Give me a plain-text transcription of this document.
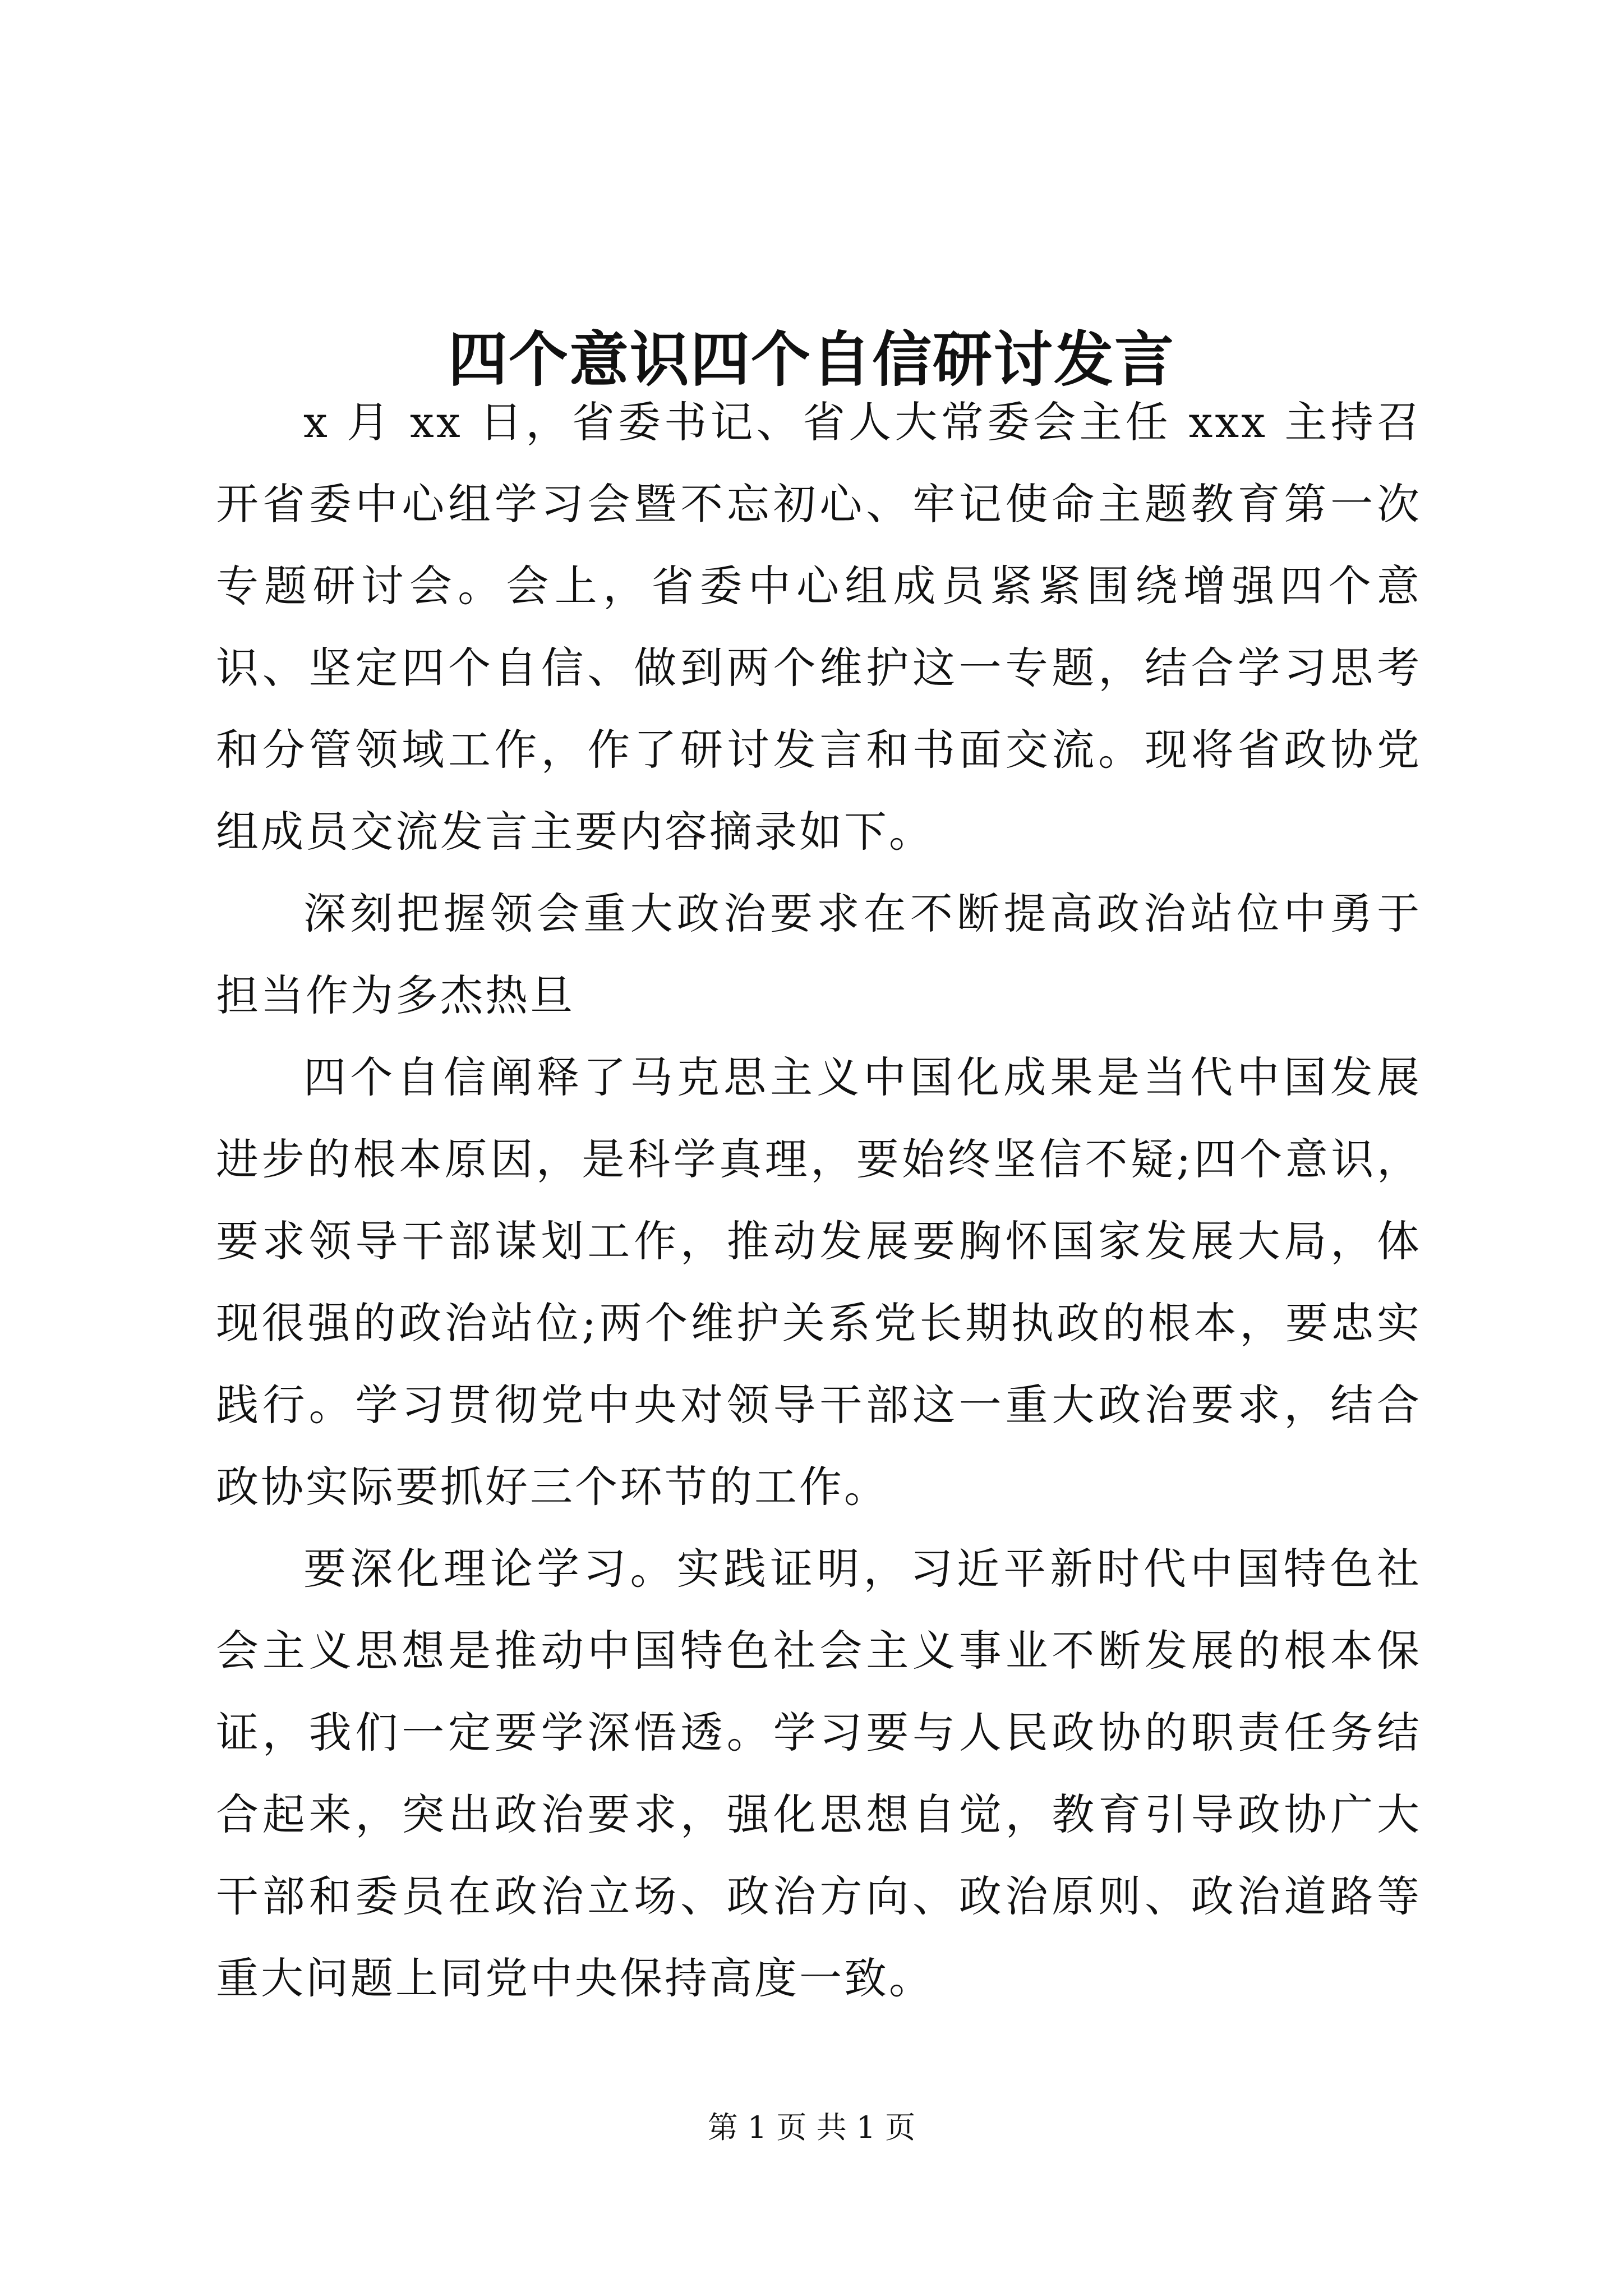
四个意识四个自信研讨发言

x 月 xx 日，省委书记、省人大常委会主任 xxx 主持召开省委中心组学习会暨不忘初心、牢记使命主题教育第一次专题研讨会。会上，省委中心组成员紧紧围绕增强四个意识、坚定四个自信、做到两个维护这一专题，结合学习思考和分管领域工作，作了研讨发言和书面交流。现将省政协党组成员交流发言主要内容摘录如下。

深刻把握领会重大政治要求在不断提高政治站位中勇于担当作为多杰热旦

四个自信阐释了马克思主义中国化成果是当代中国发展进步的根本原因，是科学真理，要始终坚信不疑;四个意识，要求领导干部谋划工作，推动发展要胸怀国家发展大局，体现很强的政治站位;两个维护关系党长期执政的根本，要忠实践行。学习贯彻党中央对领导干部这一重大政治要求，结合政协实际要抓好三个环节的工作。

要深化理论学习。实践证明，习近平新时代中国特色社会主义思想是推动中国特色社会主义事业不断发展的根本保证，我们一定要学深悟透。学习要与人民政协的职责任务结合起来，突出政治要求，强化思想自觉，教育引导政协广大干部和委员在政治立场、政治方向、政治原则、政治道路等重大问题上同党中央保持高度一致。

第 1 页 共 1 页
